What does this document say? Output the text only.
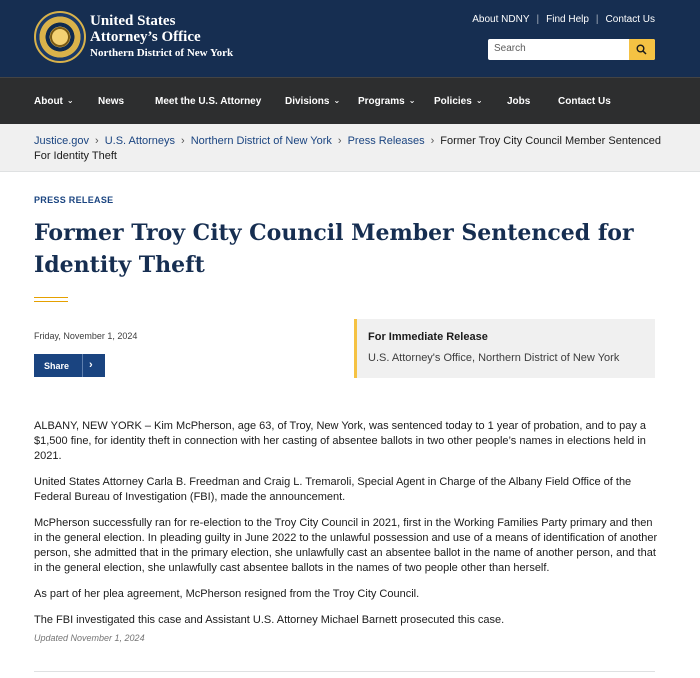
United States
Attorney’s Office
Northern District of New York
About NDNY | Find Help | Contact Us
Search
About ⌄ News	Meet the U.S. Attorney Divisions ⌄ Programs ⌄ Policies ⌄ Jobs	Contact Us
Justice.gov › U.S. Attorneys › Northern District of New York › Press Releases › Former Troy City Council Member Sentenced For Identity Theft
PRESS RELEASE
Former Troy City Council Member Sentenced for Identity Theft
Friday, November 1, 2024
Share ›
For Immediate Release
U.S. Attorney's Office, Northern District of New York

ALBANY, NEW YORK – Kim McPherson, age 63, of Troy, New York, was sentenced today to 1 year of probation, and to pay a $1,500 fine, for identity theft in connection with her casting of absentee ballots in two other people’s names in elections held in 2021.

United States Attorney Carla B. Freedman and Craig L. Tremaroli, Special Agent in Charge of the Albany Field Office of the Federal Bureau of Investigation (FBI), made the announcement.

McPherson successfully ran for re-election to the Troy City Council in 2021, first in the Working Families Party primary and then in the general election. In pleading guilty in June 2022 to the unlawful possession and use of a means of identification of another person, she admitted that in the primary election, she unlawfully cast an absentee ballot in the name of another person, and that in the general election, she unlawfully cast absentee ballots in the names of two people other than herself.

As part of her plea agreement, McPherson resigned from the Troy City Council.

The FBI investigated this case and Assistant U.S. Attorney Michael Barnett prosecuted this case.

Updated November 1, 2024
